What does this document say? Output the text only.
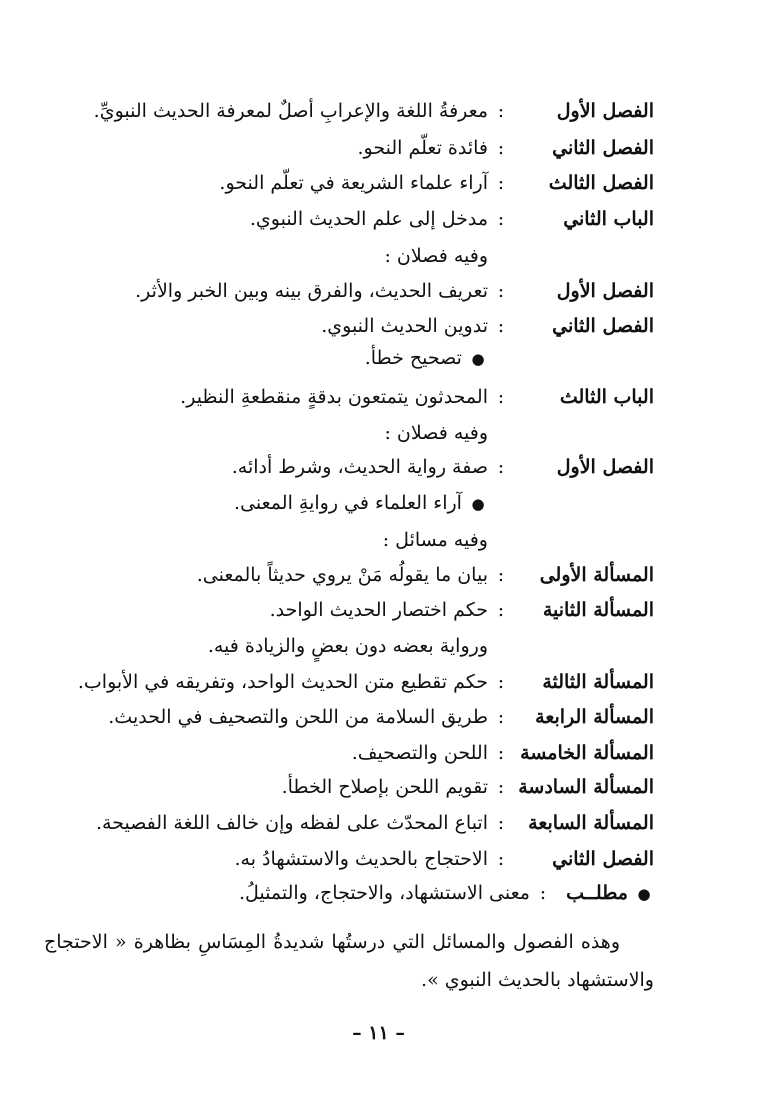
الفصل الأول:معرفةُ اللغة والإعرابِ أصلٌ لمعرفة الحديث النبويِّ.
الفصل الثاني:فائدة تعلّم النحو.
الفصل الثالث:آراء علماء الشريعة في تعلّم النحو.
الباب الثاني:مدخل إلى علم الحديث النبوي.
وفيه فصلان :
الفصل الأول:تعريف الحديث، والفرق بينه وبين الخبر والأثر.
الفصل الثاني:تدوين الحديث النبوي.
● تصحيح خطأ.
الباب الثالث:المحدثون يتمتعون بدقةٍ منقطعةِ النظير.
وفيه فصلان :
الفصل الأول:صفة رواية الحديث، وشرط أدائه.
● آراء العلماء في روايةِ المعنى.
وفيه مسائل :
المسألة الأولى:بيان ما يقولُه مَنْ يروي حديثاً بالمعنى.
المسألة الثانية:حكم اختصار الحديث الواحد.
ورواية بعضه دون بعضٍ والزيادة فيه.
المسألة الثالثة:حكم تقطيع متن الحديث الواحد، وتفريقه في الأبواب.
المسألة الرابعة:طريق السلامة من اللحن والتصحيف في الحديث.
المسألة الخامسة:اللحن والتصحيف.
المسألة السادسة:تقويم اللحن بإصلاح الخطأ.
المسألة السابعة:اتباع المحدّث على لفظه وإن خالف اللغة الفصيحة.
الفصل الثاني:الاحتجاج بالحديث والاستشهادُ به.
● مطلــب:معنى الاستشهاد، والاحتجاج، والتمثيلُ.
وهذه الفصول والمسائل التي درستُها شديدةُ المِسَاسِ بظاهرة « الاحتجاج والاستشهاد بالحديث النبوي ».
– ١١ –
